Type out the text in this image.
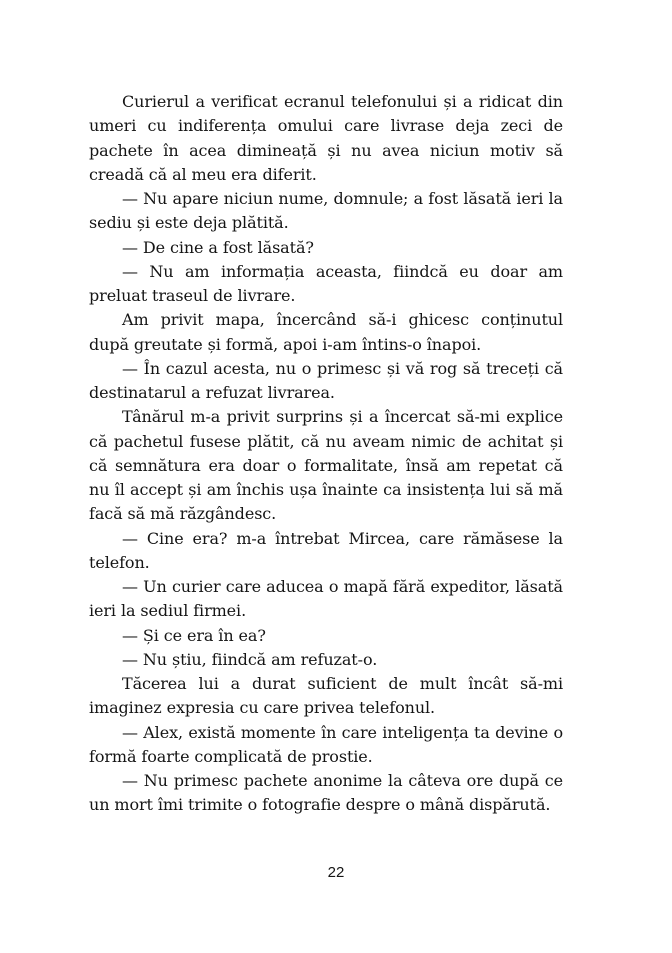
Curierul a verificat ecranul telefonului și a ridicat din umeri cu indiferența omului care livrase deja zeci de pachete în acea dimineață și nu avea niciun motiv să creadă că al meu era diferit.

— Nu apare niciun nume, domnule; a fost lăsată ieri la sediu și este deja plătită.

— De cine a fost lăsată?

— Nu am informația aceasta, fiindcă eu doar am preluat traseul de livrare.

Am privit mapa, încercând să-i ghicesc conținutul după greutate și formă, apoi i-am întins-o înapoi.

— În cazul acesta, nu o primesc și vă rog să treceți că destinatarul a refuzat livrarea.

Tânărul m-a privit surprins și a încercat să-mi explice că pachetul fusese plătit, că nu aveam nimic de achitat și că semnătura era doar o formalitate, însă am repetat că nu îl accept și am închis ușa înainte ca insistența lui să mă facă să mă răzgândesc.

— Cine era? m-a întrebat Mircea, care rămăsese la telefon.

— Un curier care aducea o mapă fără expeditor, lăsată ieri la sediul firmei.

— Și ce era în ea?

— Nu știu, fiindcă am refuzat-o.

Tăcerea lui a durat suficient de mult încât să-mi imaginez expresia cu care privea telefonul.

— Alex, există momente în care inteligența ta devine o formă foarte complicată de prostie.

— Nu primesc pachete anonime la câteva ore după ce un mort îmi trimite o fotografie despre o mână dispărută.

22
